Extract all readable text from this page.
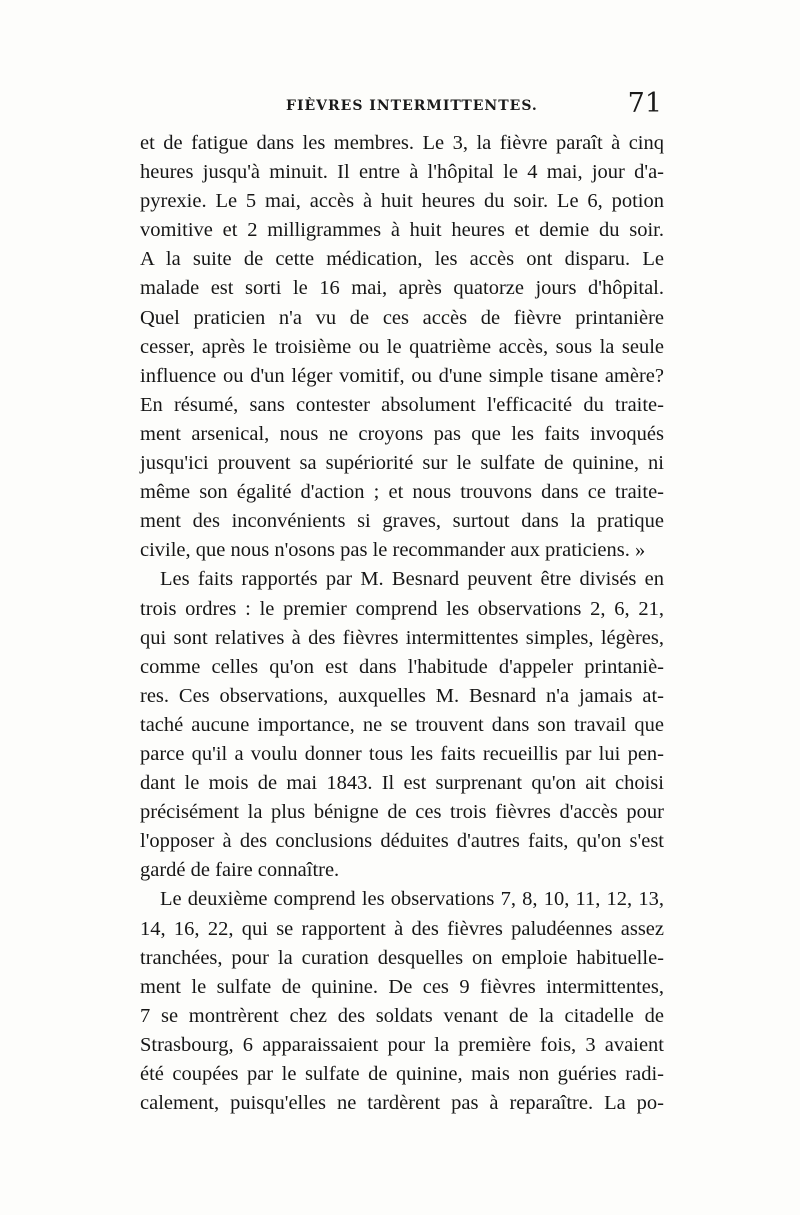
FIÈVRES INTERMITTENTES.	71
et de fatigue dans les membres. Le 3, la fièvre paraît à cinq
heures jusqu'à minuit. Il entre à l'hôpital le 4 mai, jour d'a-
pyrexie. Le 5 mai, accès à huit heures du soir. Le 6, potion
vomitive et 2 milligrammes à huit heures et demie du soir.
A la suite de cette médication, les accès ont disparu. Le
malade est sorti le 16 mai, après quatorze jours d'hôpital.
Quel praticien n'a vu de ces accès de fièvre printanière
cesser, après le troisième ou le quatrième accès, sous la seule
influence ou d'un léger vomitif, ou d'une simple tisane amère?
En résumé, sans contester absolument l'efficacité du traite-
ment arsenical, nous ne croyons pas que les faits invoqués
jusqu'ici prouvent sa supériorité sur le sulfate de quinine, ni
même son égalité d'action ; et nous trouvons dans ce traite-
ment des inconvénients si graves, surtout dans la pratique
civile, que nous n'osons pas le recommander aux praticiens. »
Les faits rapportés par M. Besnard peuvent être divisés en
trois ordres : le premier comprend les observations 2, 6, 21,
qui sont relatives à des fièvres intermittentes simples, légères,
comme celles qu'on est dans l'habitude d'appeler printaniè-
res. Ces observations, auxquelles M. Besnard n'a jamais at-
taché aucune importance, ne se trouvent dans son travail que
parce qu'il a voulu donner tous les faits recueillis par lui pen-
dant le mois de mai 1843. Il est surprenant qu'on ait choisi
précisément la plus bénigne de ces trois fièvres d'accès pour
l'opposer à des conclusions déduites d'autres faits, qu'on s'est
gardé de faire connaître.
Le deuxième comprend les observations 7, 8, 10, 11, 12, 13,
14, 16, 22, qui se rapportent à des fièvres paludéennes assez
tranchées, pour la curation desquelles on emploie habituelle-
ment le sulfate de quinine. De ces 9 fièvres intermittentes,
7 se montrèrent chez des soldats venant de la citadelle de
Strasbourg, 6 apparaissaient pour la première fois, 3 avaient
été coupées par le sulfate de quinine, mais non guéries radi-
calement, puisqu'elles ne tardèrent pas à reparaître. La po-
